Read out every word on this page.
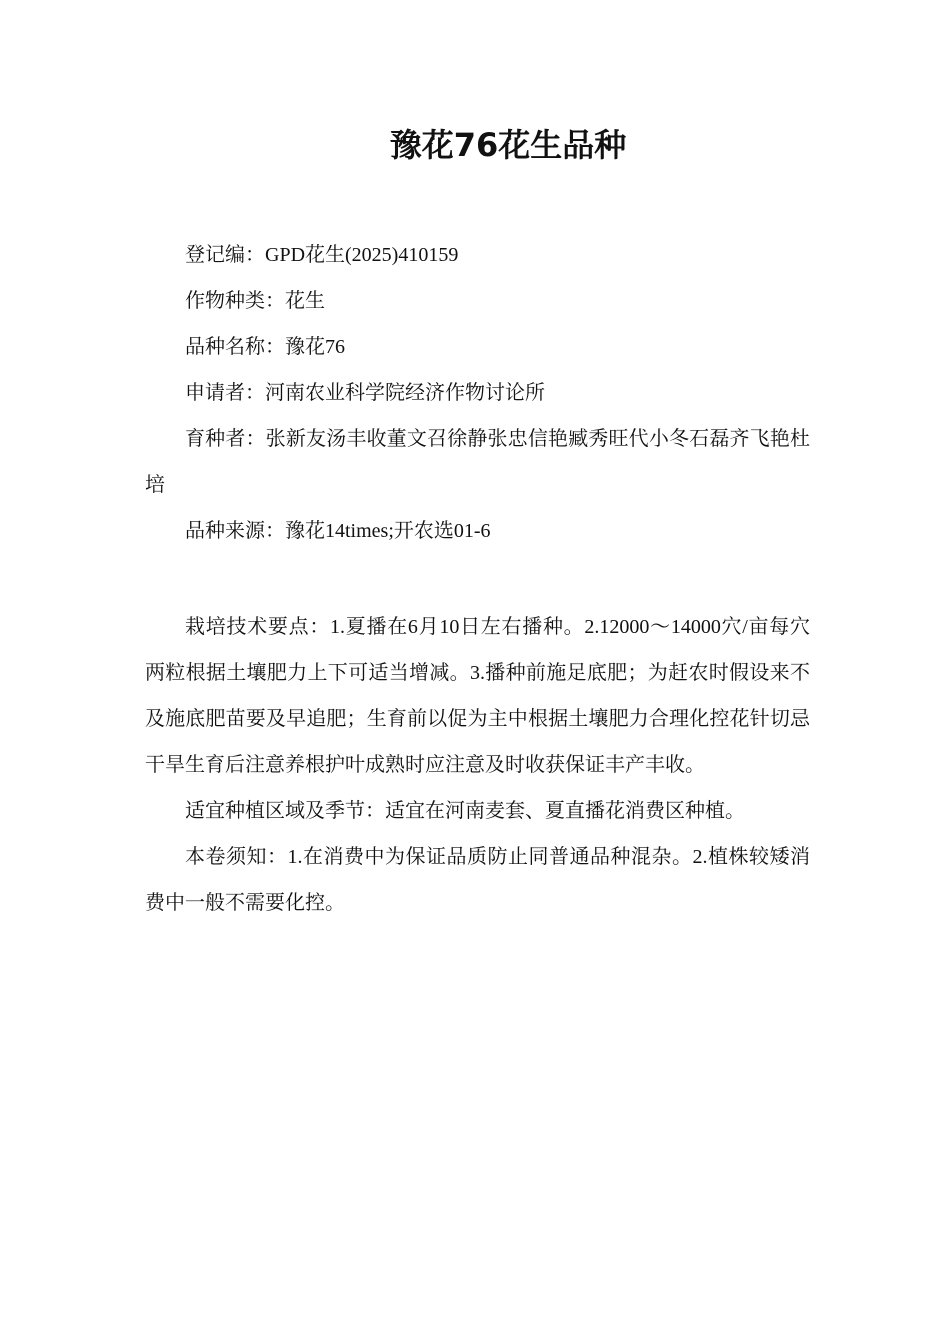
豫花76花生品种

登记编：GPD花生(2025)410159

作物种类：花生

品种名称：豫花76

申请者：河南农业科学院经济作物讨论所

育种者：张新友汤丰收董文召徐静张忠信艳臧秀旺代小冬石磊齐飞艳杜培

品种来源：豫花14times;开农选01-6

栽培技术要点：1.夏播在6月10日左右播种。2.12000～14000穴/亩每穴两粒根据土壤肥力上下可适当增减。3.播种前施足底肥；为赶农时假设来不及施底肥苗要及早追肥；生育前以促为主中根据土壤肥力合理化控花针切忌干旱生育后注意养根护叶成熟时应注意及时收获保证丰产丰收。

适宜种植区域及季节：适宜在河南麦套、夏直播花消费区种植。

本卷须知：1.在消费中为保证品质防止同普通品种混杂。2.植株较矮消费中一般不需要化控。
